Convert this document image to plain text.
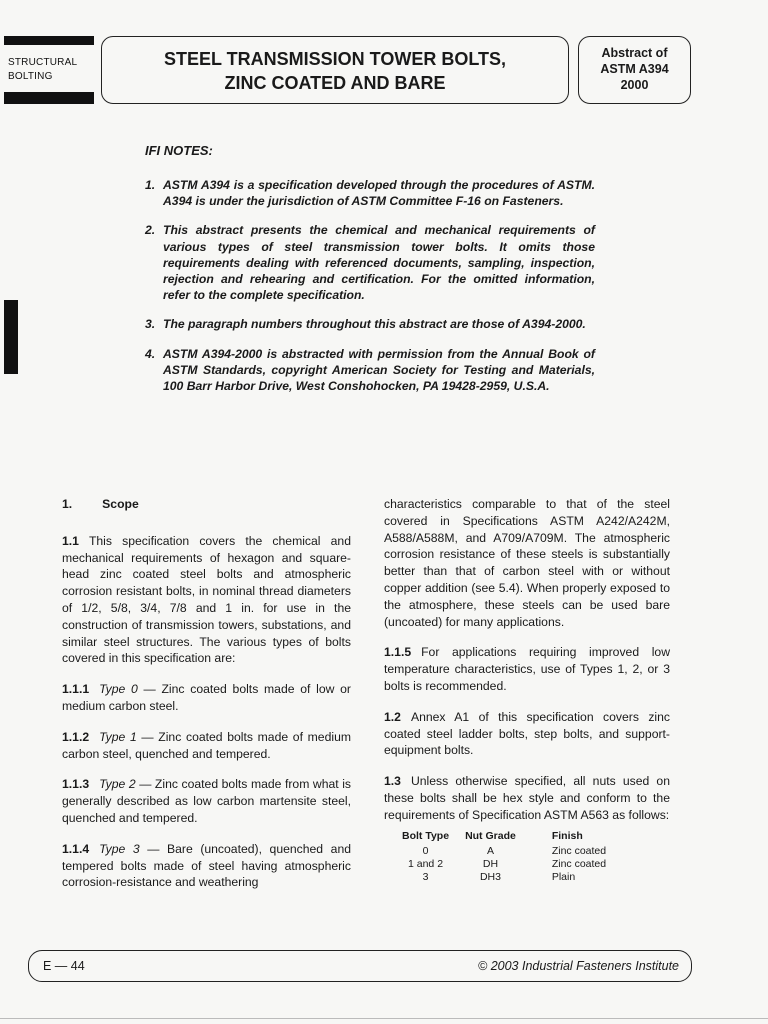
STRUCTURAL
BOLTING
STEEL TRANSMISSION TOWER BOLTS,
ZINC COATED AND BARE
Abstract of
ASTM A394
2000
IFI NOTES:
1. ASTM A394 is a specification developed through the procedures of ASTM. A394 is under the jurisdiction of ASTM Committee F-16 on Fasteners.
2. This abstract presents the chemical and mechanical requirements of various types of steel transmission tower bolts. It omits those requirements dealing with referenced documents, sampling, inspection, rejection and rehearing and certification. For the omitted information, refer to the complete specification.
3. The paragraph numbers throughout this abstract are those of A394-2000.
4. ASTM A394-2000 is abstracted with permission from the Annual Book of ASTM Standards, copyright American Society for Testing and Materials, 100 Barr Harbor Drive, West Conshohocken, PA 19428-2959, U.S.A.
1. Scope
1.1 This specification covers the chemical and mechanical requirements of hexagon and square-head zinc coated steel bolts and atmospheric corrosion resistant bolts, in nominal thread diameters of 1/2, 5/8, 3/4, 7/8 and 1 in. for use in the construction of transmission towers, substations, and similar steel structures. The various types of bolts covered in this specification are:
1.1.1 Type 0 — Zinc coated bolts made of low or medium carbon steel.
1.1.2 Type 1 — Zinc coated bolts made of medium carbon steel, quenched and tempered.
1.1.3 Type 2 — Zinc coated bolts made from what is generally described as low carbon martensite steel, quenched and tempered.
1.1.4 Type 3 — Bare (uncoated), quenched and tempered bolts made of steel having atmospheric corrosion-resistance and weathering
characteristics comparable to that of the steel covered in Specifications ASTM A242/A242M, A588/A588M, and A709/A709M. The atmospheric corrosion resistance of these steels is substantially better than that of carbon steel with or without copper addition (see 5.4). When properly exposed to the atmosphere, these steels can be used bare (uncoated) for many applications.
1.1.5 For applications requiring improved low temperature characteristics, use of Types 1, 2, or 3 bolts is recommended.
1.2 Annex A1 of this specification covers zinc coated steel ladder bolts, step bolts, and support-equipment bolts.
1.3 Unless otherwise specified, all nuts used on these bolts shall be hex style and conform to the requirements of Specification ASTM A563 as follows:
Bolt Type	Nut Grade	Finish
0	A	Zinc coated
1 and 2	DH	Zinc coated
3	DH3	Plain
E — 44	© 2003 Industrial Fasteners Institute
